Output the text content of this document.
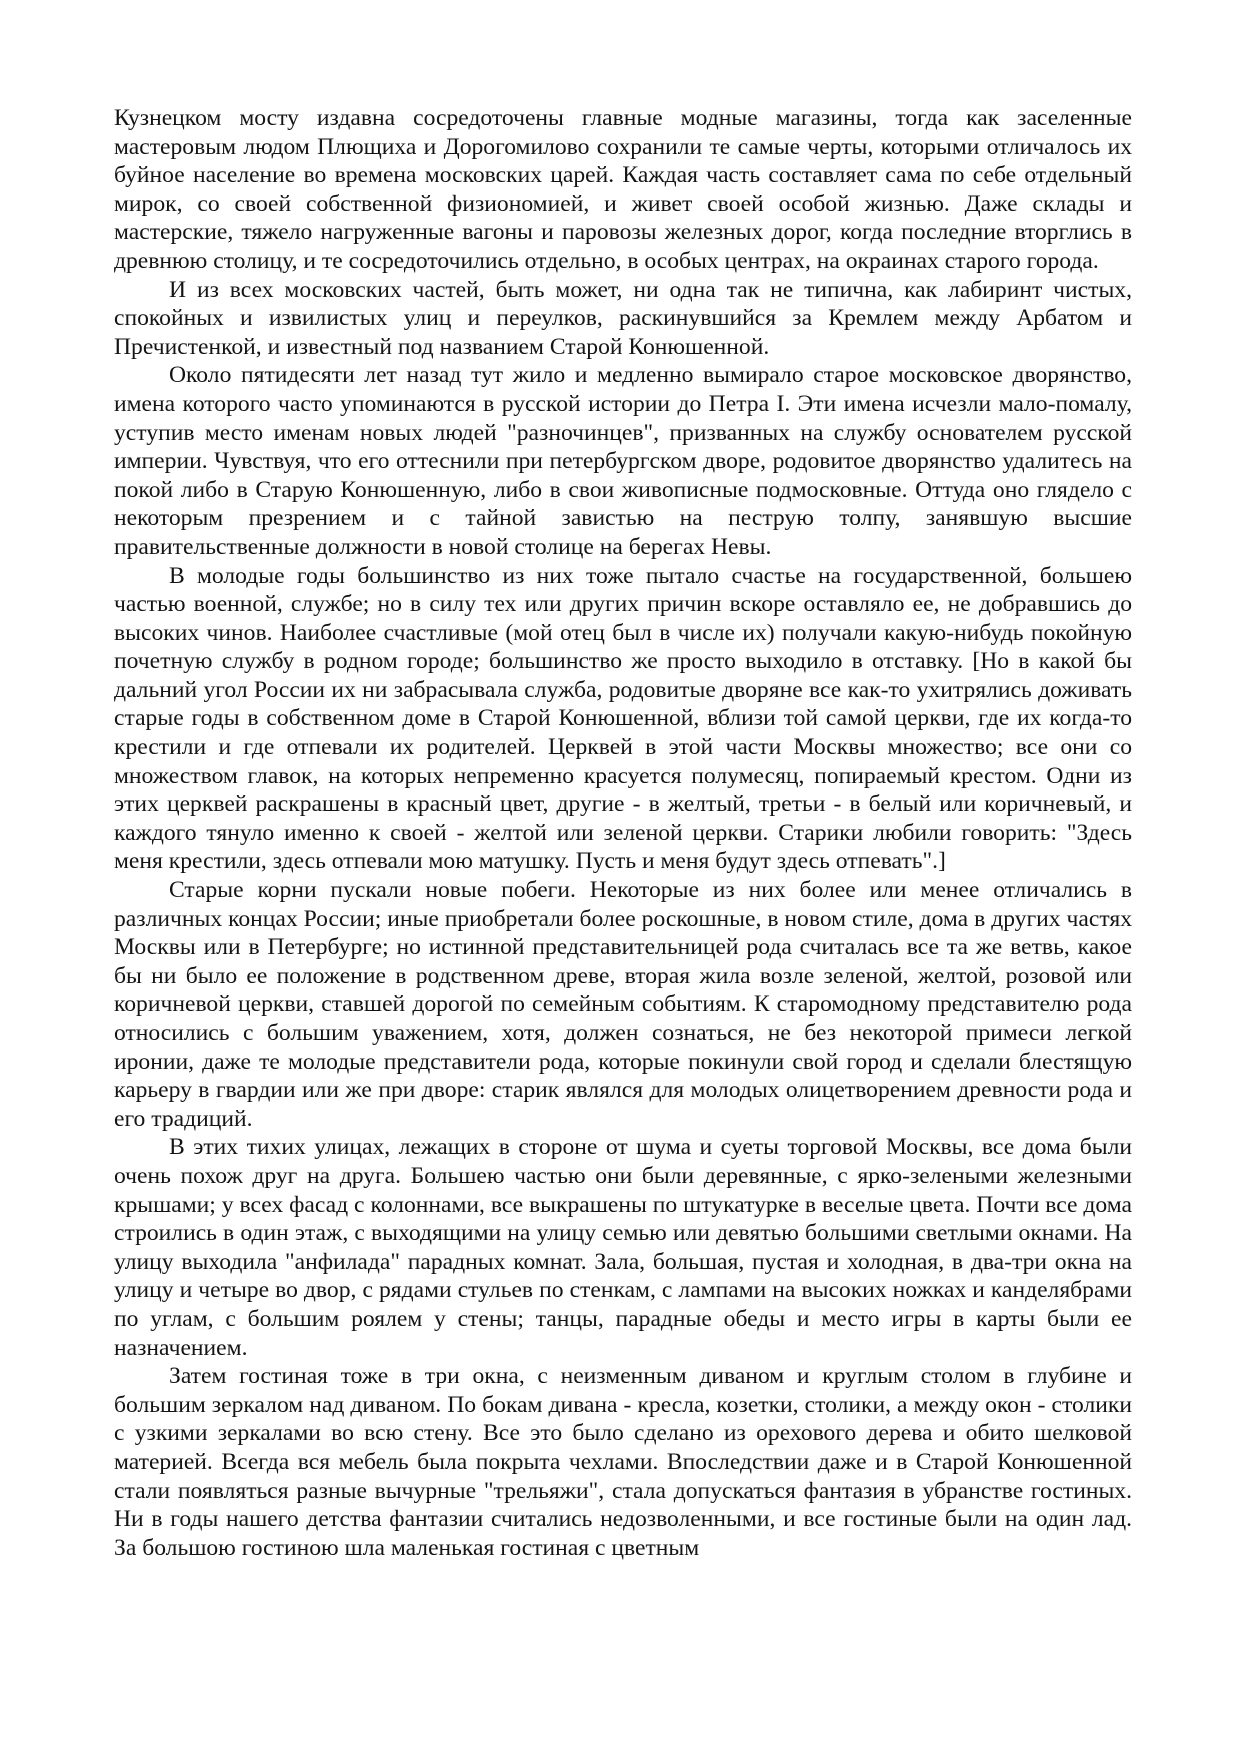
Кузнецком мосту издавна сосредоточены главные модные магазины, тогда как заселенные мастеровым людом Плющиха и Дорогомилово сохранили те самые черты, которыми отличалось их буйное население во времена московских царей. Каждая часть составляет сама по себе отдельный мирок, со своей собственной физиономией, и живет своей особой жизнью. Даже склады и мастерские, тяжело нагруженные вагоны и паровозы железных дорог, когда последние вторглись в древнюю столицу, и те сосредоточились отдельно, в особых центрах, на окраинах старого города.

И из всех московских частей, быть может, ни одна так не типична, как лабиринт чистых, спокойных и извилистых улиц и переулков, раскинувшийся за Кремлем между Арбатом и Пречистенкой, и известный под названием Старой Конюшенной.

Около пятидесяти лет назад тут жило и медленно вымирало старое московское дворянство, имена которого часто упоминаются в русской истории до Петра I. Эти имена исчезли мало-помалу, уступив место именам новых людей "разночинцев", призванных на службу основателем русской империи. Чувствуя, что его оттеснили при петербургском дворе, родовитое дворянство удалитесь на покой либо в Старую Конюшенную, либо в свои живописные подмосковные. Оттуда оно глядело с некоторым презрением и с тайной завистью на пеструю толпу, занявшую высшие правительственные должности в новой столице на берегах Невы.

В молодые годы большинство из них тоже пытало счастье на государственной, большею частью военной, службе; но в силу тех или других причин вскоре оставляло ее, не добравшись до высоких чинов. Наиболее счастливые (мой отец был в числе их) получали какую-нибудь покойную почетную службу в родном городе; большинство же просто выходило в отставку. [Но в какой бы дальний угол России их ни забрасывала служба, родовитые дворяне все как-то ухитрялись доживать старые годы в собственном доме в Старой Конюшенной, вблизи той самой церкви, где их когда-то крестили и где отпевали их родителей. Церквей в этой части Москвы множество; все они со множеством главок, на которых непременно красуется полумесяц, попираемый крестом. Одни из этих церквей раскрашены в красный цвет, другие - в желтый, третьи - в белый или коричневый, и каждого тянуло именно к своей - желтой или зеленой церкви. Старики любили говорить: "Здесь меня крестили, здесь отпевали мою матушку. Пусть и меня будут здесь отпевать".]

Старые корни пускали новые побеги. Некоторые из них более или менее отличались в различных концах России; иные приобретали более роскошные, в новом стиле, дома в других частях Москвы или в Петербурге; но истинной представительницей рода считалась все та же ветвь, какое бы ни было ее положение в родственном древе, вторая жила возле зеленой, желтой, розовой или коричневой церкви, ставшей дорогой по семейным событиям. К старомодному представителю рода относились с большим уважением, хотя, должен сознаться, не без некоторой примеси легкой иронии, даже те молодые представители рода, которые покинули свой город и сделали блестящую карьеру в гвардии или же при дворе: старик являлся для молодых олицетворением древности рода и его традиций.

В этих тихих улицах, лежащих в стороне от шума и суеты торговой Москвы, все дома были очень похож друг на друга. Большею частью они были деревянные, с ярко-зелеными железными крышами; у всех фасад с колоннами, все выкрашены по штукатурке в веселые цвета. Почти все дома строились в один этаж, с выходящими на улицу семью или девятью большими светлыми окнами. На улицу выходила "анфилада" парадных комнат. Зала, большая, пустая и холодная, в два-три окна на улицу и четыре во двор, с рядами стульев по стенкам, с лампами на высоких ножках и канделябрами по углам, с большим роялем у стены; танцы, парадные обеды и место игры в карты были ее назначением.

Затем гостиная тоже в три окна, с неизменным диваном и круглым столом в глубине и большим зеркалом над диваном. По бокам дивана - кресла, козетки, столики, а между окон - столики с узкими зеркалами во всю стену. Все это было сделано из орехового дерева и обито шелковой материей. Всегда вся мебель была покрыта чехлами. Впоследствии даже и в Старой Конюшенной стали появляться разные вычурные "трельяжи", стала допускаться фантазия в убранстве гостиных. Ни в годы нашего детства фантазии считались недозволенными, и все гостиные были на один лад. За большою гостиною шла маленькая гостиная с цветным
